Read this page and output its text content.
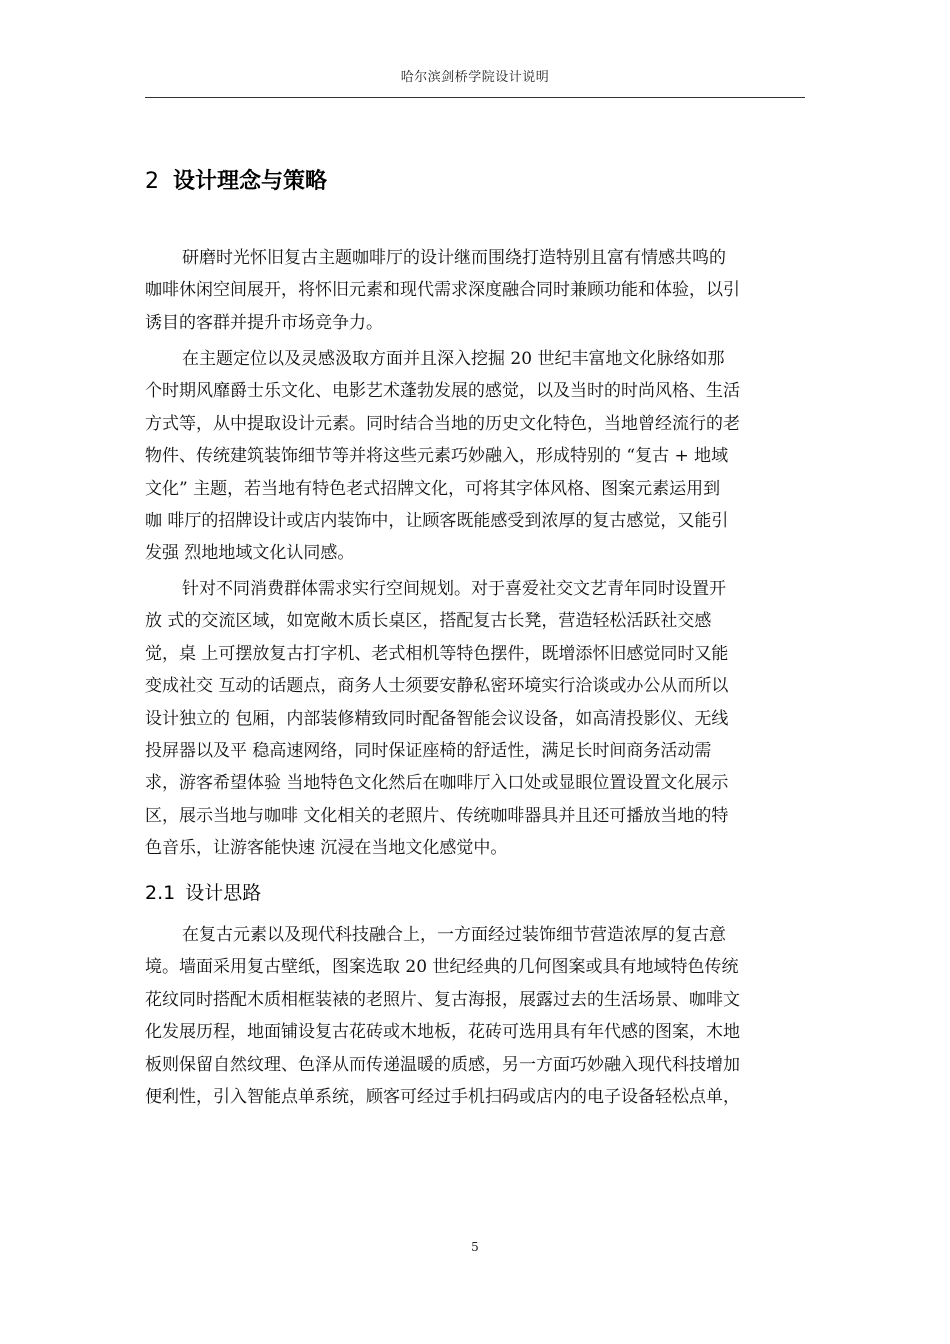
哈尔滨剑桥学院设计说明
2 设计理念与策略
研磨时光怀旧复古主题咖啡厅的设计继而围绕打造特别且富有情感共鸣的
咖啡休闲空间展开，将怀旧元素和现代需求深度融合同时兼顾功能和体验，以引
诱目的客群并提升市场竞争力。
在主题定位以及灵感汲取方面并且深入挖掘 20 世纪丰富地文化脉络如那
个时期风靡爵士乐文化、电影艺术蓬勃发展的感觉，以及当时的时尚风格、生活
方式等，从中提取设计元素。同时结合当地的历史文化特色，当地曾经流行的老
物件、传统建筑装饰细节等并将这些元素巧妙融入，形成特别的 “复古 + 地域
文化” 主题，若当地有特色老式招牌文化，可将其字体风格、图案元素运用到
咖 啡厅的招牌设计或店内装饰中，让顾客既能感受到浓厚的复古感觉，又能引
发强 烈地地域文化认同感。
针对不同消费群体需求实行空间规划。对于喜爱社交文艺青年同时设置开
放 式的交流区域，如宽敞木质长桌区，搭配复古长凳，营造轻松活跃社交感
觉，桌 上可摆放复古打字机、老式相机等特色摆件，既增添怀旧感觉同时又能
变成社交 互动的话题点，商务人士须要安静私密环境实行洽谈或办公从而所以
设计独立的 包厢，内部装修精致同时配备智能会议设备，如高清投影仪、无线
投屏器以及平 稳高速网络，同时保证座椅的舒适性，满足长时间商务活动需
求，游客希望体验 当地特色文化然后在咖啡厅入口处或显眼位置设置文化展示
区，展示当地与咖啡 文化相关的老照片、传统咖啡器具并且还可播放当地的特
色音乐，让游客能快速 沉浸在当地文化感觉中。
2.1 设计思路
在复古元素以及现代科技融合上，一方面经过装饰细节营造浓厚的复古意
境。墙面采用复古壁纸，图案选取 20 世纪经典的几何图案或具有地域特色传统
花纹同时搭配木质相框装裱的老照片、复古海报，展露过去的生活场景、咖啡文
化发展历程，地面铺设复古花砖或木地板，花砖可选用具有年代感的图案，木地
板则保留自然纹理、色泽从而传递温暖的质感，另一方面巧妙融入现代科技增加
便利性，引入智能点单系统，顾客可经过手机扫码或店内的电子设备轻松点单，
5
